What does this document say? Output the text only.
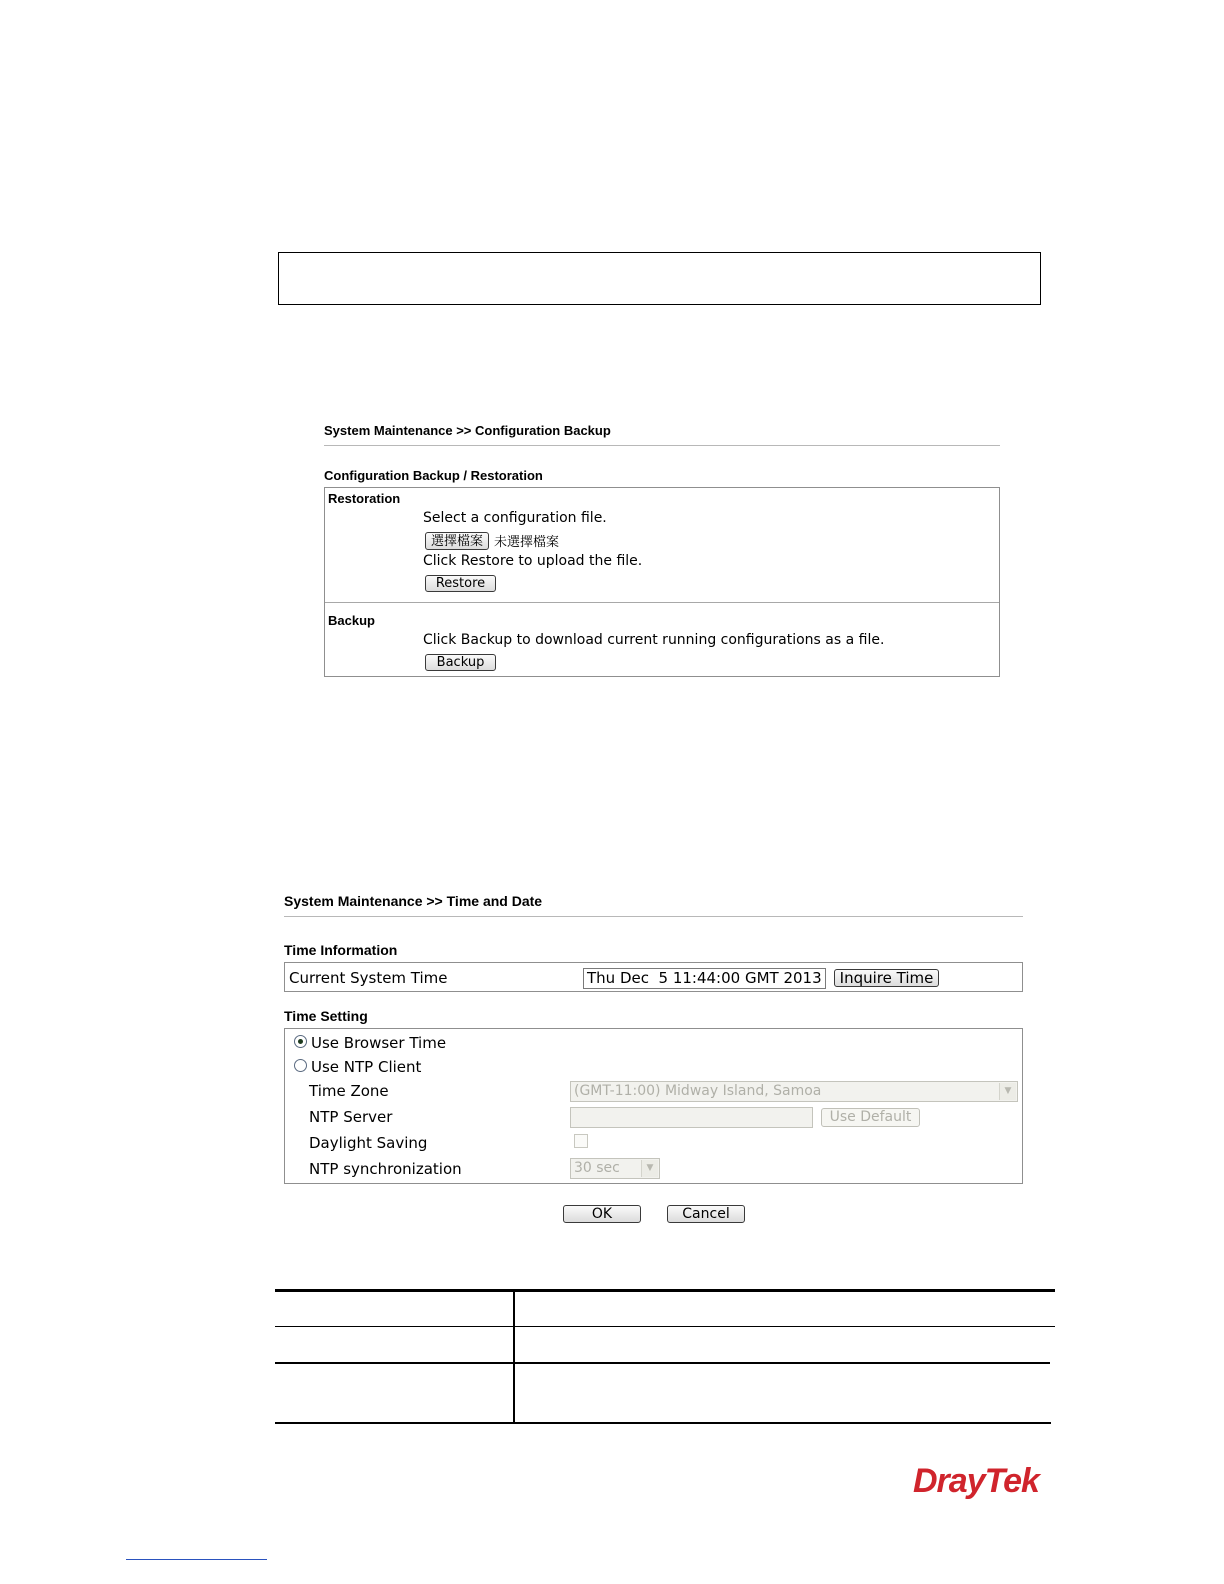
System Maintenance >> Configuration Backup
Configuration Backup / Restoration
Restoration
Select a configuration file.
選擇檔案 未選擇檔案
Click Restore to upload the file.
Restore
Backup
Click Backup to download current running configurations as a file.
Backup
System Maintenance >> Time and Date
Time Information
Current System Time	Thu Dec  5 11:44:00 GMT 2013	Inquire Time
Time Setting
Use Browser Time
Use NTP Client
Time Zone	(GMT-11:00) Midway Island, Samoa	▼
NTP Server	Use Default
Daylight Saving
NTP synchronization	30 sec	▼
OK	Cancel
DrayTek
